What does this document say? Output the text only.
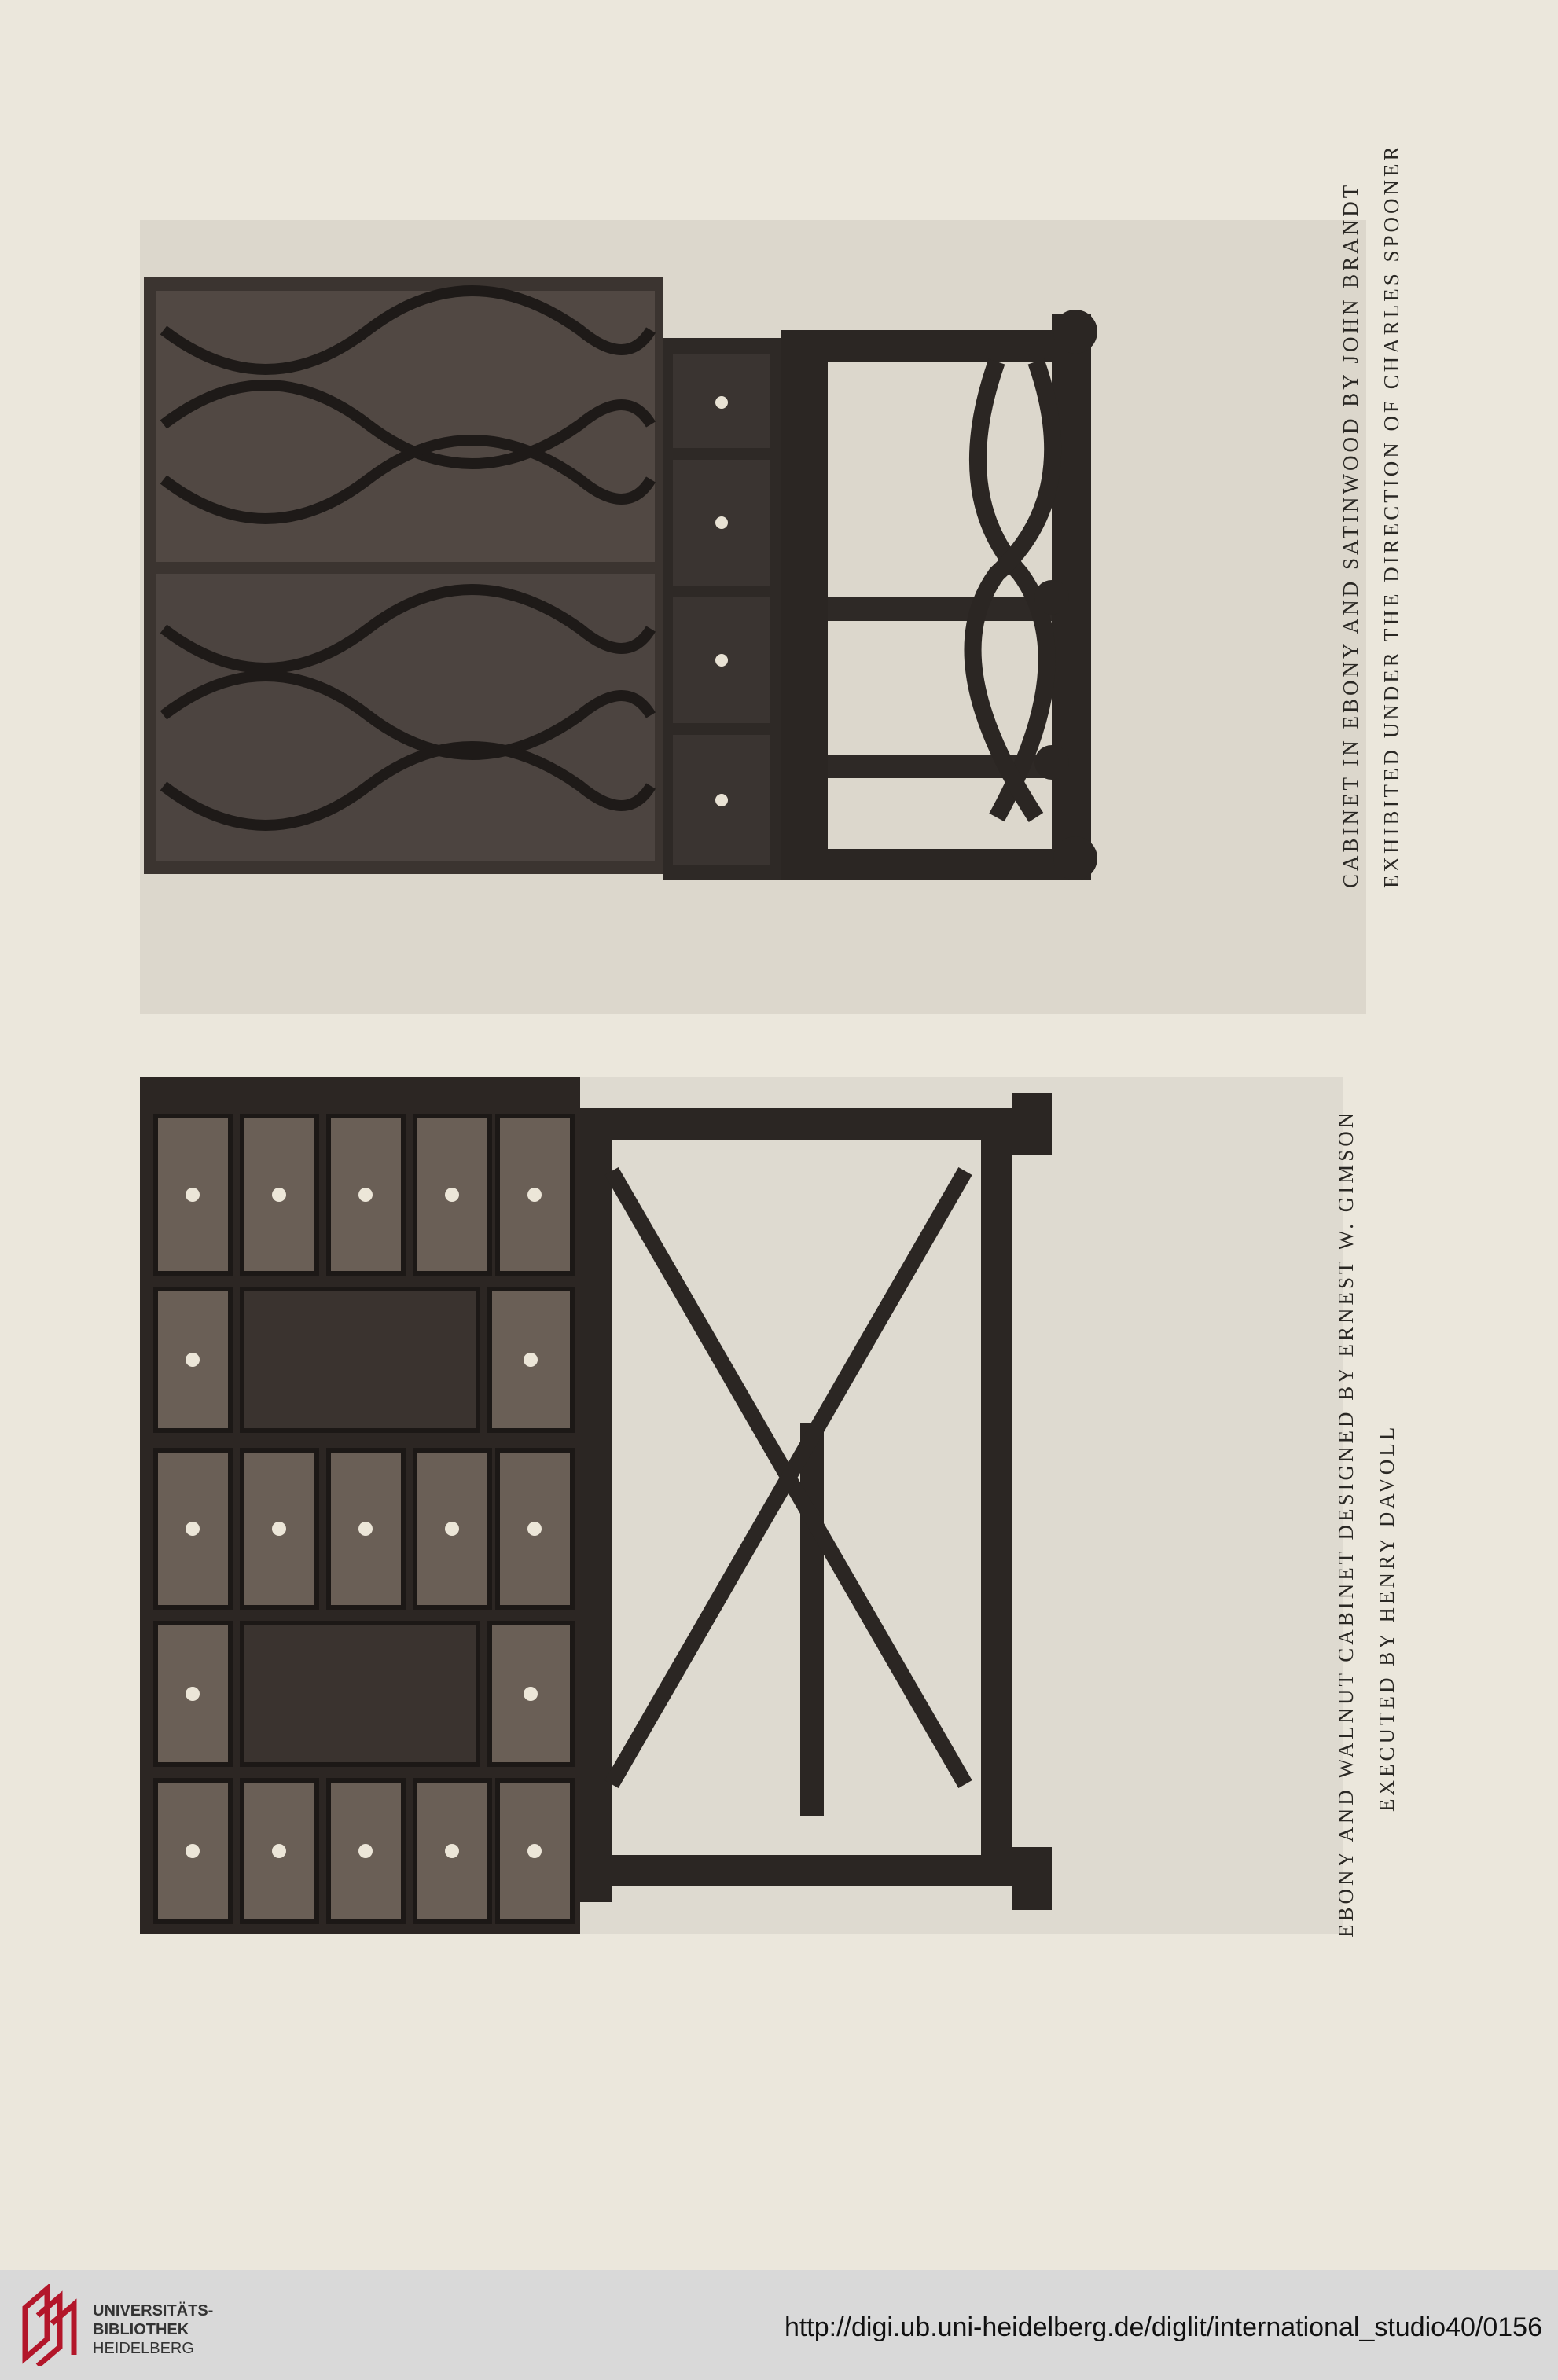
CABINET IN EBONY AND SATINWOOD BY JOHN BRANDT EXHIBITED UNDER THE DIRECTION OF CHARLES SPOONER
EBONY AND WALNUT CABINET DESIGNED BY ERNEST W. GIMSON EXECUTED BY HENRY DAVOLL
UNIVERSITÄTS-
BIBLIOTHEK
HEIDELBERG
http://digi.ub.uni-heidelberg.de/diglit/international_studio40/0156
